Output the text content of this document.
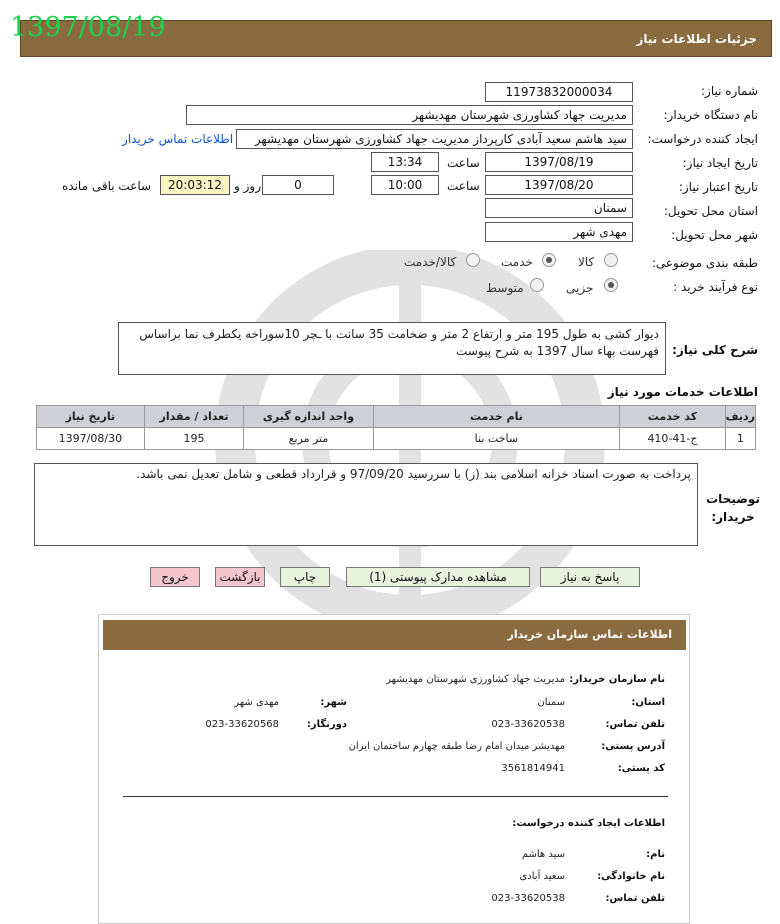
1397/08/19	جزئیات اطلاعات نیاز
شماره نیاز:
11973832000034
نام دستگاه خریدار:
مدیریت جهاد کشاورزی شهرستان مهدیشهر
ایجاد کننده درخواست:
سید هاشم سعید آبادی کارپرداز مدیریت جهاد کشاورزی شهرستان مهدیشهر
اطلاعات تماس خریدار
تاریخ ایجاد نیاز:
1397/08/19
ساعت
13:34
تاریخ اعتبار نیاز:
1397/08/20
ساعت
10:00
0
روز و
20:03:12
ساعت باقی مانده
استان محل تحویل:
سمنان
شهر محل تحویل:
مهدی شهر
طبقه بندی موضوعی:
کالا
خدمت
کالا/خدمت
نوع فرآیند خرید :
جزیی
متوسط
شرح کلی نیاز:
دیوار کشی به طول 195 متر و ارتفاع 2 متر و ضخامت 35 سانت با ـچر 10سوراخه یکطرف نما براساس فهرست بهاء سال 1397 به شرح پیوست
اطلاعات خدمات مورد نیاز
ردیف	کد خدمت	نام خدمت	واحد اندازه گیری	تعداد / مقدار	تاریخ نیاز
1	ج-41-410	ساخت بنا	متر مربع	195	1397/08/30
توضیحات خریدار:
پرداخت به صورت اسناد خزانه اسلامی بند (ز) با سررسید 97/09/20 و قرارداد قطعی و شامل تعدیل نمی باشد.
پاسخ به نیاز
مشاهده مدارک پیوستی (1)
چاپ
بازگشت
خروج
اطلاعات تماس سازمان خریدار
نام سازمان خریدار:
مدیریت جهاد کشاورزی شهرستان مهدیشهر
استان:
سمنان
شهر:
مهدی شهر
تلفن تماس:
023-33620538
دورنگار:
023-33620568
آدرس پستی:
مهدیشر میدان امام رضا طبقه چهارم ساختمان ایران
کد پستی:
3561814941
اطلاعات ایجاد کننده درخواست:
نام:
سید هاشم
نام خانوادگی:
سعید آبادی
تلفن تماس:
023-33620538
